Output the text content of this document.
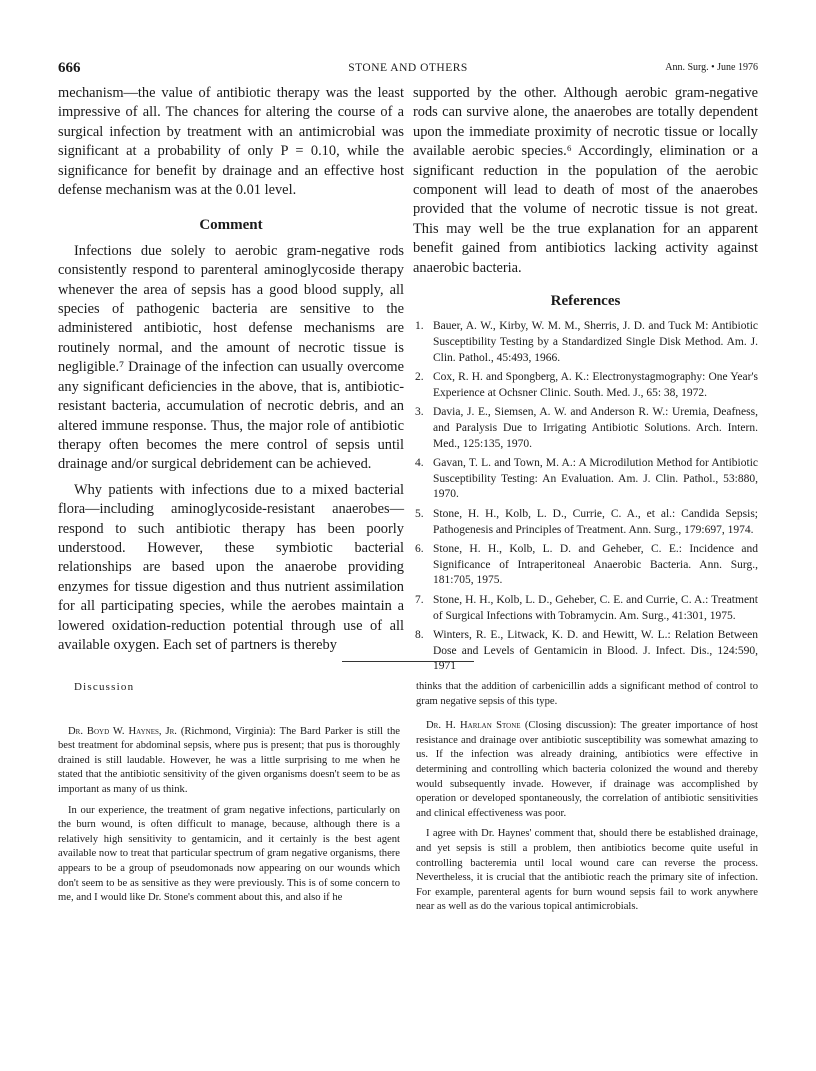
666	STONE AND OTHERS	Ann. Surg. • June 1976

mechanism—the value of antibiotic therapy was the least impressive of all. The chances for altering the course of a surgical infection by treatment with an antimicrobial was significant at a probability of only P = 0.10, while the significance for benefit by drainage and an effective host defense mechanism was at the 0.01 level.

Comment

Infections due solely to aerobic gram-negative rods consistently respond to parenteral aminoglycoside therapy whenever the area of sepsis has a good blood supply, all species of pathogenic bacteria are sensitive to the administered antibiotic, host defense mechanisms are routinely normal, and the amount of necrotic tissue is negligible.⁷ Drainage of the infection can usually overcome any significant deficiencies in the above, that is, antibiotic-resistant bacteria, accumulation of necrotic debris, and an altered immune response. Thus, the major role of antibiotic therapy often becomes the mere control of sepsis until drainage and/or surgical debridement can be achieved.

Why patients with infections due to a mixed bacterial flora—including aminoglycoside-resistant anaerobes—respond to such antibiotic therapy has been poorly understood. However, these symbiotic bacterial relationships are based upon the anaerobe providing enzymes for tissue digestion and thus nutrient assimilation for all participating species, while the aerobes maintain a lowered oxidation-reduction potential through use of all available oxygen. Each set of partners is thereby

supported by the other. Although aerobic gram-negative rods can survive alone, the anaerobes are totally dependent upon the immediate proximity of necrotic tissue or locally available aerobic species.⁶ Accordingly, elimination or a significant reduction in the population of the aerobic component will lead to death of most of the anaerobes provided that the volume of necrotic tissue is not great. This may well be the true explanation for an apparent benefit gained from antibiotics lacking activity against anaerobic bacteria.

References
1. Bauer, A. W., Kirby, W. M. M., Sherris, J. D. and Tuck M: Antibiotic Susceptibility Testing by a Standardized Single Disk Method. Am. J. Clin. Pathol., 45:493, 1966.
2. Cox, R. H. and Spongberg, A. K.: Electronystagmography: One Year's Experience at Ochsner Clinic. South. Med. J., 65: 38, 1972.
3. Davia, J. E., Siemsen, A. W. and Anderson R. W.: Uremia, Deafness, and Paralysis Due to Irrigating Antibiotic Solutions. Arch. Intern. Med., 125:135, 1970.
4. Gavan, T. L. and Town, M. A.: A Microdilution Method for Antibiotic Susceptibility Testing: An Evaluation. Am. J. Clin. Pathol., 53:880, 1970.
5. Stone, H. H., Kolb, L. D., Currie, C. A., et al.: Candida Sepsis; Pathogenesis and Principles of Treatment. Ann. Surg., 179:697, 1974.
6. Stone, H. H., Kolb, L. D. and Geheber, C. E.: Incidence and Significance of Intraperitoneal Anaerobic Bacteria. Ann. Surg., 181:705, 1975.
7. Stone, H. H., Kolb, L. D., Geheber, C. E. and Currie, C. A.: Treatment of Surgical Infections with Tobramycin. Am. Surg., 41:301, 1975.
8. Winters, R. E., Litwack, K. D. and Hewitt, W. L.: Relation Between Dose and Levels of Gentamicin in Blood. J. Infect. Dis., 124:590, 1971
Discussion

Dr. Boyd W. Haynes, Jr. (Richmond, Virginia): The Bard Parker is still the best treatment for abdominal sepsis, where pus is present; that pus is thoroughly drained is still laudable. However, he was a little surprising to me when he stated that the antibiotic sensitivity of the given organisms doesn't seem to be as important as many of us think.

In our experience, the treatment of gram negative infections, particularly on the burn wound, is often difficult to manage, because, although there is a relatively high sensitivity to gentamicin, and it certainly is the best agent available now to treat that particular spectrum of gram negative organisms, there appears to be a group of pseudomonads now appearing on our wounds which don't seem to be as sensitive as they were previously. This is of some concern to me, and I would like Dr. Stone's comment about this, and also if he

thinks that the addition of carbenicillin adds a significant method of control to gram negative sepsis of this type.

Dr. H. Harlan Stone (Closing discussion): The greater importance of host resistance and drainage over antibiotic susceptibility was somewhat amazing to us. If the infection was already draining, antibiotics were effective in determining and controlling which bacteria colonized the wound and thereby would subsequently invade. However, if drainage was accomplished by operation or developed spontaneously, the correlation of antibiotic sensitivities and clinical effectiveness was poor.

I agree with Dr. Haynes' comment that, should there be established drainage, and yet sepsis is still a problem, then antibiotics become quite useful in controlling bacteremia until local wound care can reverse the process. Nevertheless, it is crucial that the antibiotic reach the primary site of infection. For example, parenteral agents for burn wound sepsis fail to work anywhere near as well as do the various topical antimicrobials.
